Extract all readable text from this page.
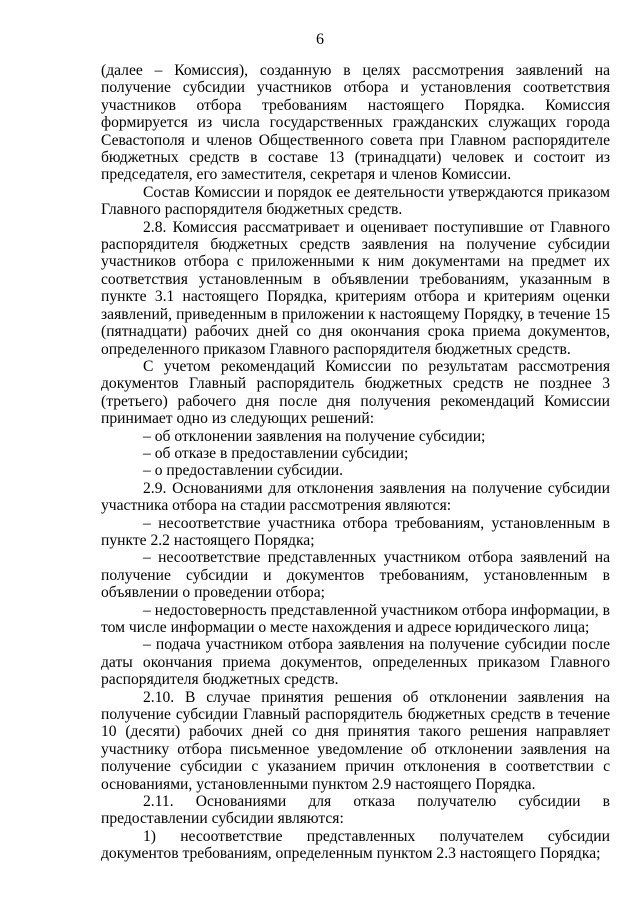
6

(далее – Комиссия), созданную в целях рассмотрения заявлений на получение субсидии участников отбора и установления соответствия участников отбора требованиям настоящего Порядка. Комиссия формируется из числа государственных гражданских служащих города Севастополя и членов Общественного совета при Главном распорядителе бюджетных средств в составе 13 (тринадцати) человек и состоит из председателя, его заместителя, секретаря и членов Комиссии.

Состав Комиссии и порядок ее деятельности утверждаются приказом Главного распорядителя бюджетных средств.

2.8. Комиссия рассматривает и оценивает поступившие от Главного распорядителя бюджетных средств заявления на получение субсидии участников отбора с приложенными к ним документами на предмет их соответствия установленным в объявлении требованиям, указанным в пункте 3.1 настоящего Порядка, критериям отбора и критериям оценки заявлений, приведенным в приложении к настоящему Порядку, в течение 15 (пятнадцати) рабочих дней со дня окончания срока приема документов, определенного приказом Главного распорядителя бюджетных средств.

С учетом рекомендаций Комиссии по результатам рассмотрения документов Главный распорядитель бюджетных средств не позднее 3 (третьего) рабочего дня после дня получения рекомендаций Комиссии принимает одно из следующих решений:

– об отклонении заявления на получение субсидии;

– об отказе в предоставлении субсидии;

– о предоставлении субсидии.

2.9. Основаниями для отклонения заявления на получение субсидии участника отбора на стадии рассмотрения являются:

– несоответствие участника отбора требованиям, установленным в пункте 2.2 настоящего Порядка;

– несоответствие представленных участником отбора заявлений на получение субсидии и документов требованиям, установленным в объявлении о проведении отбора;

– недостоверность представленной участником отбора информации, в том числе информации о месте нахождения и адресе юридического лица;

– подача участником отбора заявления на получение субсидии после даты окончания приема документов, определенных приказом Главного распорядителя бюджетных средств.

2.10. В случае принятия решения об отклонении заявления на получение субсидии Главный распорядитель бюджетных средств в течение 10 (десяти) рабочих дней со дня принятия такого решения направляет участнику отбора письменное уведомление об отклонении заявления на получение субсидии с указанием причин отклонения в соответствии с основаниями, установленными пунктом 2.9 настоящего Порядка.

2.11. Основаниями для отказа получателю субсидии в предоставлении субсидии являются:

1) несоответствие представленных получателем субсидии документов требованиям, определенным пунктом 2.3 настоящего Порядка;
